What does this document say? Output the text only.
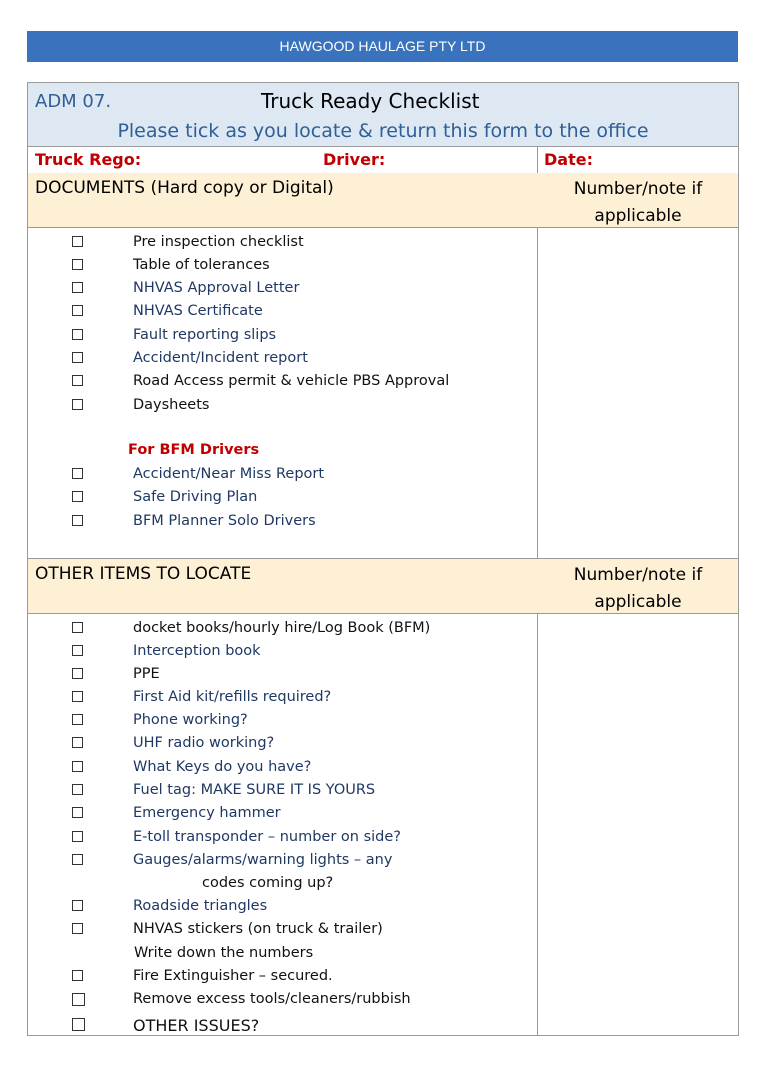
HAWGOOD HAULAGE PTY LTD
ADM 07.	Truck Ready Checklist
Please tick as you locate & return this form to the office
Truck Rego:	Driver:	Date:
DOCUMENTS (Hard copy or Digital)	Number/note if
applicable
Pre inspection checklist
Table of tolerances
NHVAS Approval Letter
NHVAS Certificate
Fault reporting slips
Accident/Incident report
Road Access permit & vehicle PBS Approval
Daysheets
For BFM Drivers
Accident/Near Miss Report
Safe Driving Plan
BFM Planner Solo Drivers
OTHER ITEMS TO LOCATE	Number/note if
applicable
docket books/hourly hire/Log Book (BFM)
Interception book
PPE
First Aid kit/refills required?
Phone working?
UHF radio working?
What Keys do you have?
Fuel tag: MAKE SURE IT IS YOURS
Emergency hammer
E-toll transponder – number on side?
Gauges/alarms/warning lights – any
codes coming up?
Roadside triangles
NHVAS stickers (on truck & trailer)
Write down the numbers
Fire Extinguisher – secured.
Remove excess tools/cleaners/rubbish
OTHER ISSUES?
